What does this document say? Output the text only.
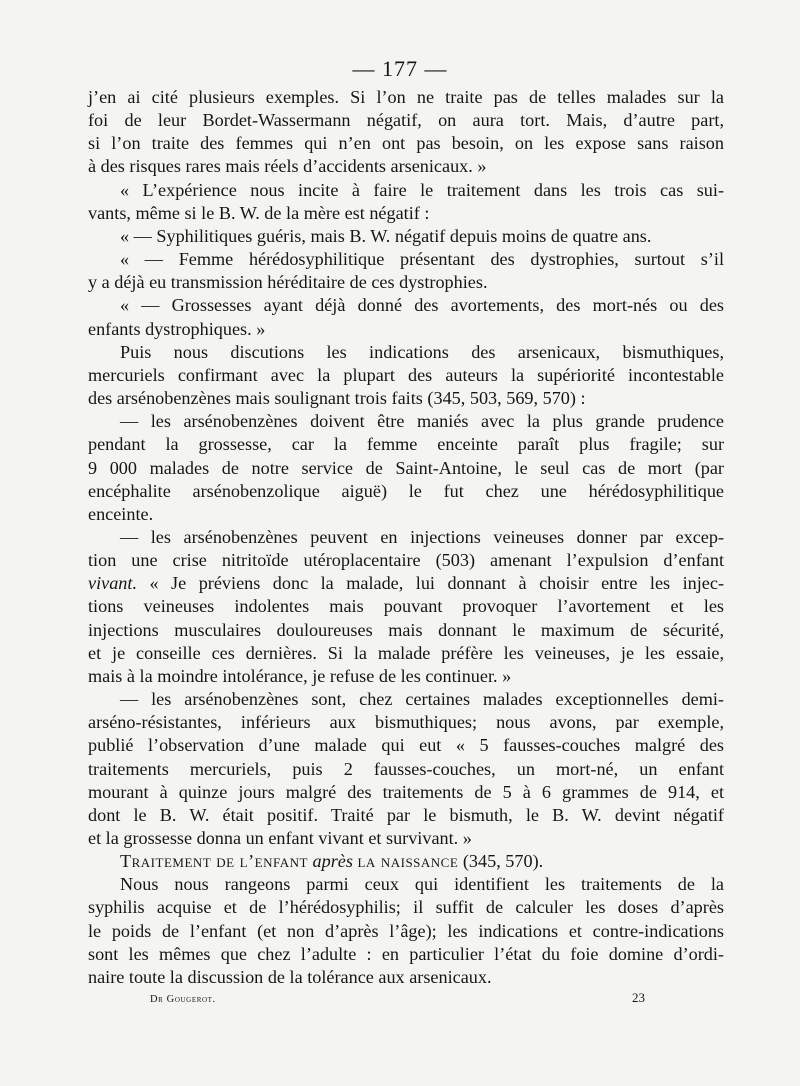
— 177 —

j’en ai cité plusieurs exemples. Si l’on ne traite pas de telles malades sur la
foi de leur Bordet-Wassermann négatif, on aura tort. Mais, d’autre part,
si l’on traite des femmes qui n’en ont pas besoin, on les expose sans raison
à des risques rares mais réels d’accidents arsenicaux. »

« L’expérience nous incite à faire le traitement dans les trois cas sui-
vants, même si le B. W. de la mère est négatif :

« — Syphilitiques guéris, mais B. W. négatif depuis moins de quatre ans.

« — Femme hérédosyphilitique présentant des dystrophies, surtout s’il
y a déjà eu transmission héréditaire de ces dystrophies.

« — Grossesses ayant déjà donné des avortements, des mort-nés ou des
enfants dystrophiques. »

Puis nous discutions les indications des arsenicaux, bismuthiques,
mercuriels confirmant avec la plupart des auteurs la supériorité incontestable
des arsénobenzènes mais soulignant trois faits (345, 503, 569, 570) :

— les arsénobenzènes doivent être maniés avec la plus grande prudence
pendant la grossesse, car la femme enceinte paraît plus fragile; sur
9 000 malades de notre service de Saint-Antoine, le seul cas de mort (par
encéphalite arsénobenzolique aiguë) le fut chez une hérédosyphilitique
enceinte.

— les arsénobenzènes peuvent en injections veineuses donner par excep-
tion une crise nitritoïde utéroplacentaire (503) amenant l’expulsion d’enfant
vivant. « Je préviens donc la malade, lui donnant à choisir entre les injec-
tions veineuses indolentes mais pouvant provoquer l’avortement et les
injections musculaires douloureuses mais donnant le maximum de sécurité,
et je conseille ces dernières. Si la malade préfère les veineuses, je les essaie,
mais à la moindre intolérance, je refuse de les continuer. »

— les arsénobenzènes sont, chez certaines malades exceptionnelles demi-
arséno-résistantes, inférieurs aux bismuthiques; nous avons, par exemple,
publié l’observation d’une malade qui eut « 5 fausses-couches malgré des
traitements mercuriels, puis 2 fausses-couches, un mort-né, un enfant
mourant à quinze jours malgré des traitements de 5 à 6 grammes de 914, et
dont le B. W. était positif. Traité par le bismuth, le B. W. devint négatif
et la grossesse donna un enfant vivant et survivant. »

Traitement de l’enfant après la naissance (345, 570).

Nous nous rangeons parmi ceux qui identifient les traitements de la
syphilis acquise et de l’hérédosyphilis; il suffit de calculer les doses d’après
le poids de l’enfant (et non d’après l’âge); les indications et contre-indications
sont les mêmes que chez l’adulte : en particulier l’état du foie domine d’ordi-
naire toute la discussion de la tolérance aux arsenicaux.

Dr Gougerot.	23
